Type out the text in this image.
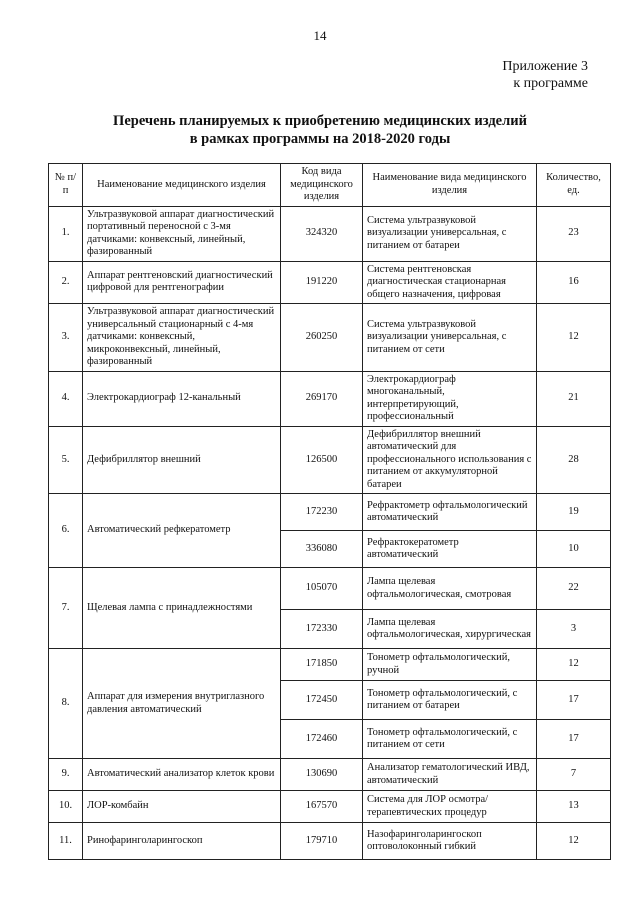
14
Приложение 3
к программе
Перечень планируемых к приобретению медицинских изделий
в рамках программы на 2018-2020 годы
№ п/п	Наименование медицинского изделия	Код вида медицинского изделия	Наименование вида медицинского изделия	Количество, ед.
1.	Ультразвуковой аппарат диагностический портативный переносной с 3-мя датчиками: конвексный, линейный, фазированный	324320	Система ультразвуковой визуализации универсальная, с питанием от батареи	23
2.	Аппарат рентгеновский диагностический цифровой для рентгенографии	191220	Система рентгеновская диагностическая стационарная общего назначения, цифровая	16
3.	Ультразвуковой аппарат диагностический универсальный стационарный с 4-мя датчиками: конвексный, микроконвексный, линейный, фазированный	260250	Система ультразвуковой визуализации универсальная, с питанием от сети	12
4.	Электрокардиограф 12-канальный	269170	Электрокардиограф многоканальный, интерпретирующий, профессиональный	21
5.	Дефибриллятор внешний	126500	Дефибриллятор внешний автоматический для профессионального использования с питанием от аккумуляторной батареи	28
6.	Автоматический рефкератометр	172230	Рефрактометр офтальмологический автоматический	19
		336080	Рефрактокератометр автоматический	10
7.	Щелевая лампа с принадлежностями	105070	Лампа щелевая офтальмологическая, смотровая	22
		172330	Лампа щелевая офтальмологическая, хирургическая	3
8.	Аппарат для измерения внутриглазного давления автоматический	171850	Тонометр офтальмологический, ручной	12
		172450	Тонометр офтальмологический, с питанием от батареи	17
		172460	Тонометр офтальмологический, с питанием от сети	17
9.	Автоматический анализатор клеток крови	130690	Анализатор гематологический ИВД, автоматический	7
10.	ЛОР-комбайн	167570	Система для ЛОР осмотра/терапевтических процедур	13
11.	Ринофаринголарингоскоп	179710	Назофаринголарингоскоп оптоволоконный гибкий	12
